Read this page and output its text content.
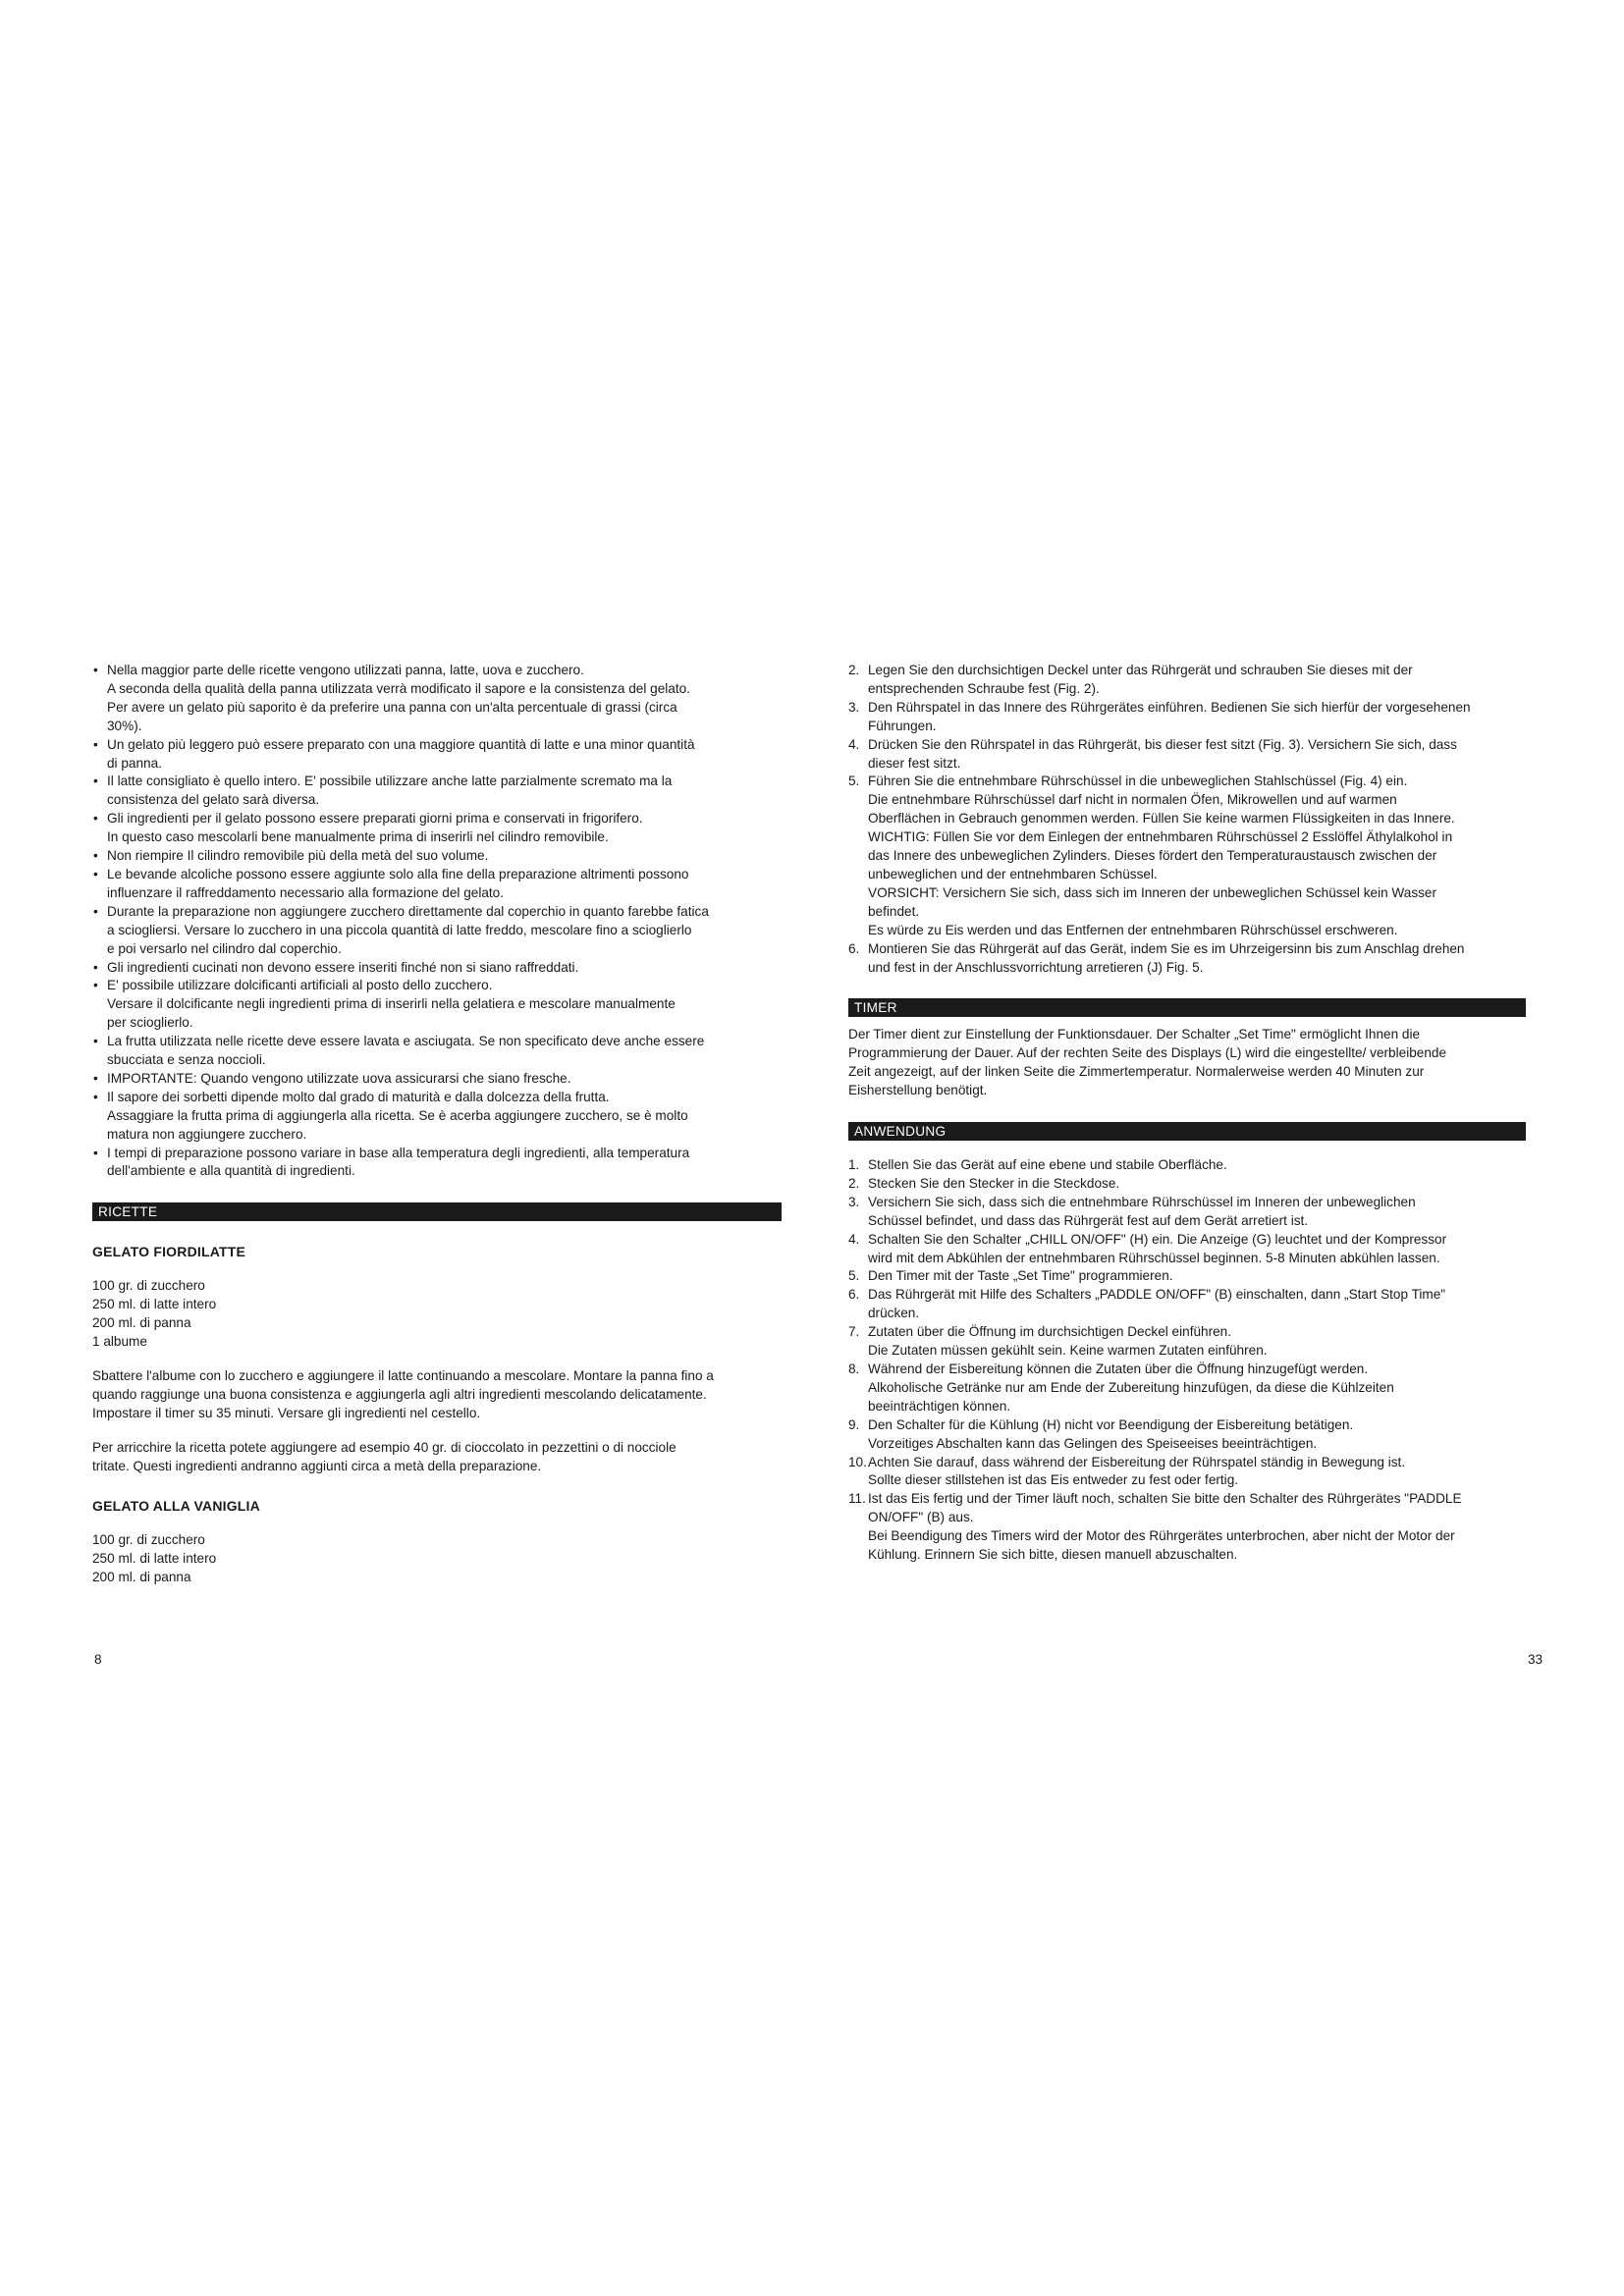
• Nella maggior parte delle ricette vengono utilizzati panna, latte, uova e zucchero.
A seconda della qualità della panna utilizzata verrà modificato il sapore e la consistenza del gelato.
Per avere un gelato più saporito è da preferire una panna con un'alta percentuale di grassi (circa
30%).
• Un gelato più leggero può essere preparato con una maggiore quantità di latte e una minor quantità
di panna.
• Il latte consigliato è quello intero. E' possibile utilizzare anche latte parzialmente scremato ma la
consistenza del gelato sarà diversa.
• Gli ingredienti per il gelato possono essere preparati giorni prima e conservati in frigorifero.
In questo caso mescolarli bene manualmente prima di inserirli nel cilindro removibile.
• Non riempire Il cilindro removibile più della metà del suo volume.
• Le bevande alcoliche possono essere aggiunte solo alla fine della preparazione altrimenti possono
influenzare il raffreddamento necessario alla formazione del gelato.
• Durante la preparazione non aggiungere zucchero direttamente dal coperchio in quanto farebbe fatica
a sciogliersi. Versare lo zucchero in una piccola quantità di latte freddo, mescolare fino a scioglierlo
e poi versarlo nel cilindro dal coperchio.
• Gli ingredienti cucinati non devono essere inseriti finché non si siano raffreddati.
• E' possibile utilizzare dolcificanti artificiali al posto dello zucchero.
Versare il dolcificante negli ingredienti prima di inserirli nella gelatiera e mescolare manualmente
per scioglierlo.
• La frutta utilizzata nelle ricette deve essere lavata e asciugata. Se non specificato deve anche essere
sbucciata e senza noccioli.
• IMPORTANTE: Quando vengono utilizzate uova assicurarsi che siano fresche.
• Il sapore dei sorbetti dipende molto dal grado di maturità e dalla dolcezza della frutta.
Assaggiare la frutta prima di aggiungerla alla ricetta. Se è acerba aggiungere zucchero, se è molto
matura non aggiungere zucchero.
• I tempi di preparazione possono variare in base alla temperatura degli ingredienti, alla temperatura
dell'ambiente e alla quantità di ingredienti.
RICETTE
GELATO FIORDILATTE
100 gr. di zucchero
250 ml. di latte intero
200 ml. di panna
1 albume
Sbattere l'albume con lo zucchero e aggiungere il latte continuando a mescolare. Montare la panna fino a
quando raggiunge una buona consistenza e aggiungerla agli altri ingredienti mescolando delicatamente.
Impostare il timer su 35 minuti. Versare gli ingredienti nel cestello.
Per arricchire la ricetta potete aggiungere ad esempio 40 gr. di cioccolato in pezzettini o di nocciole
tritate. Questi ingredienti andranno aggiunti circa a metà della preparazione.
GELATO ALLA VANIGLIA
100 gr. di zucchero
250 ml. di latte intero
200 ml. di panna
8
2. Legen Sie den durchsichtigen Deckel unter das Rührgerät und schrauben Sie dieses mit der
entsprechenden Schraube fest (Fig. 2).
3. Den Rührspatel in das Innere des Rührgerätes einführen. Bedienen Sie sich hierfür der vorgesehenen
Führungen.
4. Drücken Sie den Rührspatel in das Rührgerät, bis dieser fest sitzt (Fig. 3). Versichern Sie sich, dass
dieser fest sitzt.
5. Führen Sie die entnehmbare Rührschüssel in die unbeweglichen Stahlschüssel (Fig. 4) ein.
Die entnehmbare Rührschüssel darf nicht in normalen Öfen, Mikrowellen und auf warmen
Oberflächen in Gebrauch genommen werden. Füllen Sie keine warmen Flüssigkeiten in das Innere.
WICHTIG: Füllen Sie vor dem Einlegen der entnehmbaren Rührschüssel 2 Esslöffel Äthylalkohol in
das Innere des unbeweglichen Zylinders. Dieses fördert den Temperaturaustausch zwischen der
unbeweglichen und der entnehmbaren Schüssel.
VORSICHT: Versichern Sie sich, dass sich im Inneren der unbeweglichen Schüssel kein Wasser
befindet.
Es würde zu Eis werden und das Entfernen der entnehmbaren Rührschüssel erschweren.
6. Montieren Sie das Rührgerät auf das Gerät, indem Sie es im Uhrzeigersinn bis zum Anschlag drehen
und fest in der Anschlussvorrichtung arretieren (J) Fig. 5.
TIMER
Der Timer dient zur Einstellung der Funktionsdauer. Der Schalter „Set Time" ermöglicht Ihnen die
Programmierung der Dauer. Auf der rechten Seite des Displays (L) wird die eingestellte/ verbleibende
Zeit angezeigt, auf der linken Seite die Zimmertemperatur. Normalerweise werden 40 Minuten zur
Eisherstellung benötigt.
ANWENDUNG
1. Stellen Sie das Gerät auf eine ebene und stabile Oberfläche.
2. Stecken Sie den Stecker in die Steckdose.
3. Versichern Sie sich, dass sich die entnehmbare Rührschüssel im Inneren der unbeweglichen
Schüssel befindet, und dass das Rührgerät fest auf dem Gerät arretiert ist.
4. Schalten Sie den Schalter „CHILL ON/OFF" (H) ein. Die Anzeige (G) leuchtet und der Kompressor
wird mit dem Abkühlen der entnehmbaren Rührschüssel beginnen. 5-8 Minuten abkühlen lassen.
5. Den Timer mit der Taste „Set Time" programmieren.
6. Das Rührgerät mit Hilfe des Schalters „PADDLE ON/OFF" (B) einschalten, dann „Start Stop Time"
drücken.
7. Zutaten über die Öffnung im durchsichtigen Deckel einführen.
Die Zutaten müssen gekühlt sein. Keine warmen Zutaten einführen.
8. Während der Eisbereitung können die Zutaten über die Öffnung hinzugefügt werden.
Alkoholische Getränke nur am Ende der Zubereitung hinzufügen, da diese die Kühlzeiten
beeinträchtigen können.
9. Den Schalter für die Kühlung (H) nicht vor Beendigung der Eisbereitung betätigen.
Vorzeitiges Abschalten kann das Gelingen des Speiseeises beeinträchtigen.
10. Achten Sie darauf, dass während der Eisbereitung der Rührspatel ständig in Bewegung ist.
Sollte dieser stillstehen ist das Eis entweder zu fest oder fertig.
11. Ist das Eis fertig und der Timer läuft noch, schalten Sie bitte den Schalter des Rührgerätes "PADDLE
ON/OFF" (B) aus.
Bei Beendigung des Timers wird der Motor des Rührgerätes unterbrochen, aber nicht der Motor der
Kühlung. Erinnern Sie sich bitte, diesen manuell abzuschalten.
33
